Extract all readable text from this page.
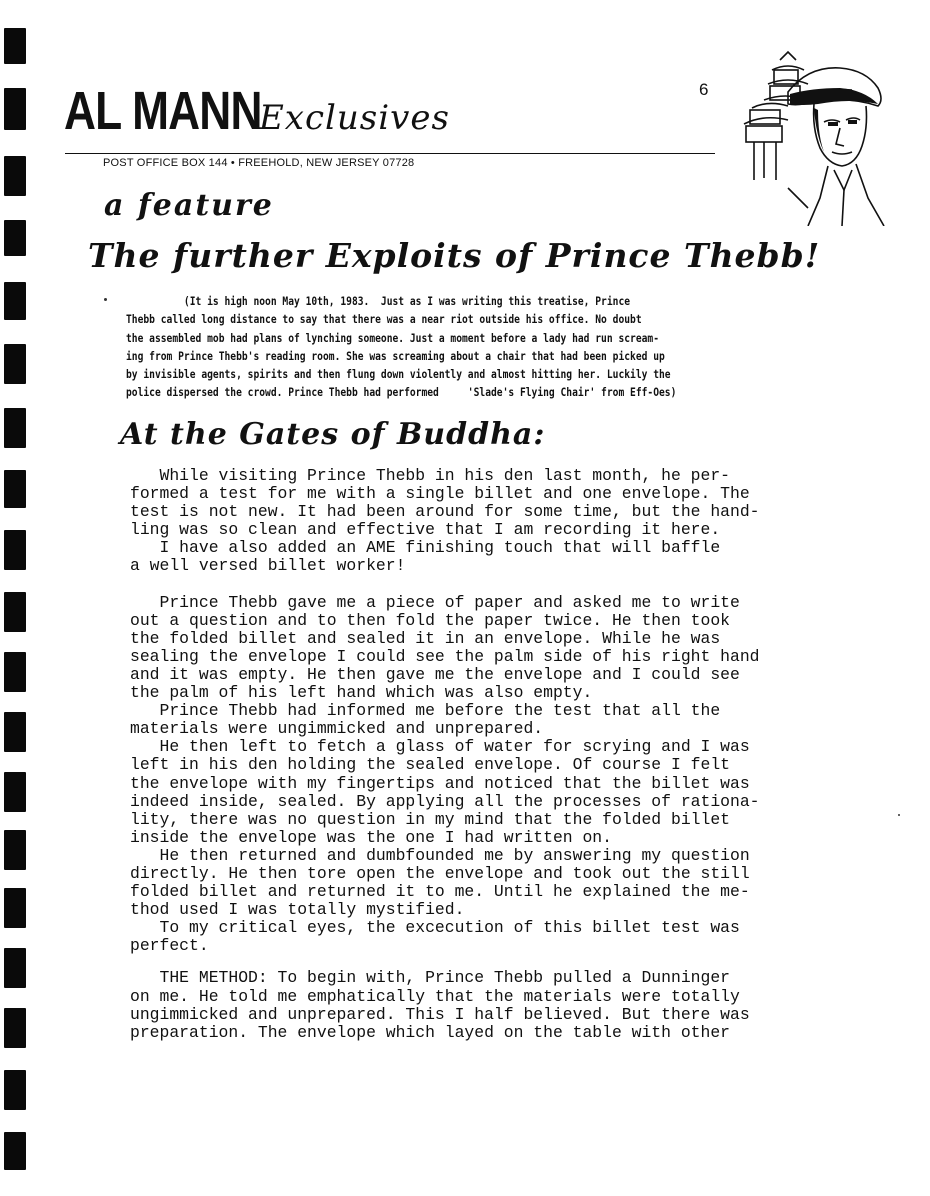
AL MANN
Exclusives
POST OFFICE BOX 144 • FREEHOLD, NEW JERSEY 07728
6
a feature
The further Exploits of Prince Thebb!

(It is high noon May 10th, 1983.  Just as I was writing this treatise, Prince

Thebb called long distance to say that there was a near riot outside his office. No doubt

the assembled mob had plans of lynching someone. Just a moment before a lady had run scream-

ing from Prince Thebb's reading room. She was screaming about a chair that had been picked up

by invisible agents, spirits and then flung down violently and almost hitting her. Luckily the

police dispersed the crowd. Prince Thebb had performed     'Slade's Flying Chair' from Eff-Oes)

At the Gates of Buddha:

While visiting Prince Thebb in his den last month, he per-

formed a test for me with a single billet and one envelope. The

test is not new. It had been around for some time, but the hand-

ling was so clean and effective that I am recording it here.

I have also added an AME finishing touch that will baffle

a well versed billet worker!

Prince Thebb gave me a piece of paper and asked me to write

out a question and to then fold the paper twice. He then took

the folded billet and sealed it in an envelope. While he was

sealing the envelope I could see the palm side of his right hand

and it was empty. He then gave me the envelope and I could see

the palm of his left hand which was also empty.

Prince Thebb had informed me before the test that all the

materials were ungimmicked and unprepared.

He then left to fetch a glass of water for scrying and I was

left in his den holding the sealed envelope. Of course I felt

the envelope with my fingertips and noticed that the billet was

indeed inside, sealed. By applying all the processes of rationa-

lity, there was no question in my mind that the folded billet

inside the envelope was the one I had written on.

He then returned and dumbfounded me by answering my question

directly. He then tore open the envelope and took out the still

folded billet and returned it to me. Until he explained the me-

thod used I was totally mystified.

To my critical eyes, the excecution of this billet test was

perfect.

THE METHOD: To begin with, Prince Thebb pulled a Dunninger

on me. He told me emphatically that the materials were totally

ungimmicked and unprepared. This I half believed. But there was

preparation. The envelope which layed on the table with other
